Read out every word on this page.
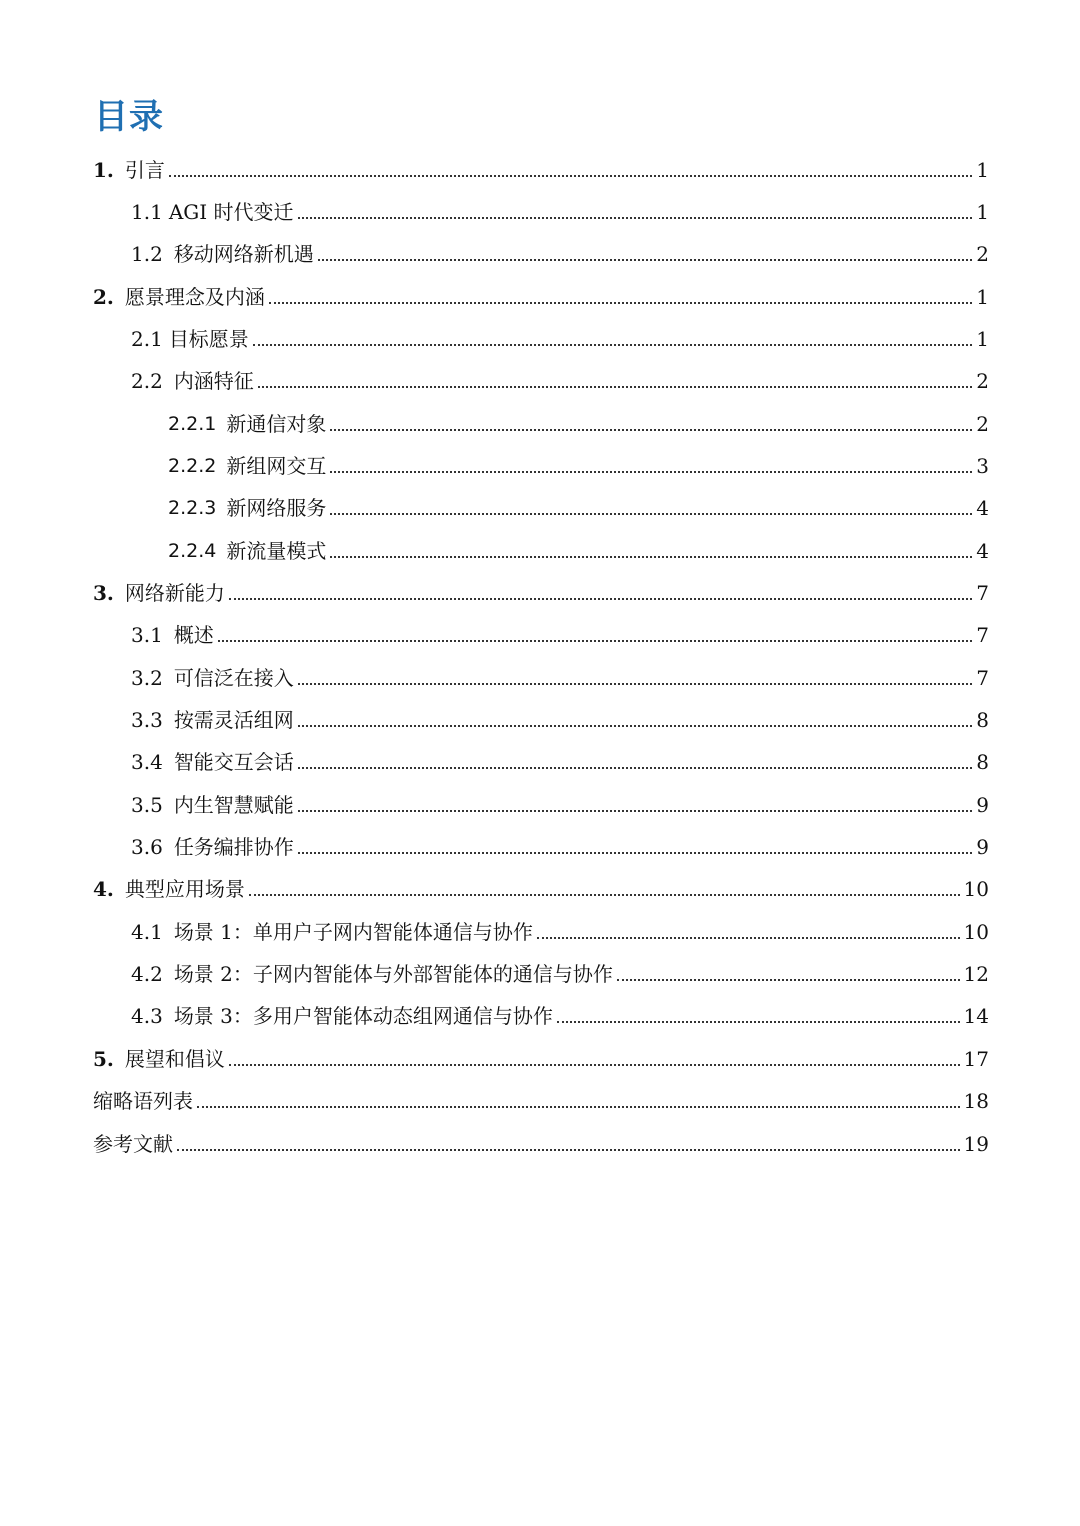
目录
1. 引言	1
1.1 AGI 时代变迁	1
1.2 移动网络新机遇	2
2. 愿景理念及内涵	1
2.1 目标愿景	1
2.2 内涵特征	2
2.2.1 新通信对象	2
2.2.2 新组网交互	3
2.2.3 新网络服务	4
2.2.4 新流量模式	4
3. 网络新能力	7
3.1 概述	7
3.2 可信泛在接入	7
3.3 按需灵活组网	8
3.4 智能交互会话	8
3.5 内生智慧赋能	9
3.6 任务编排协作	9
4. 典型应用场景	10
4.1 场景 1：单用户子网内智能体通信与协作	10
4.2 场景 2：子网内智能体与外部智能体的通信与协作	12
4.3 场景 3：多用户智能体动态组网通信与协作	14
5. 展望和倡议	17
缩略语列表	18
参考文献	19
